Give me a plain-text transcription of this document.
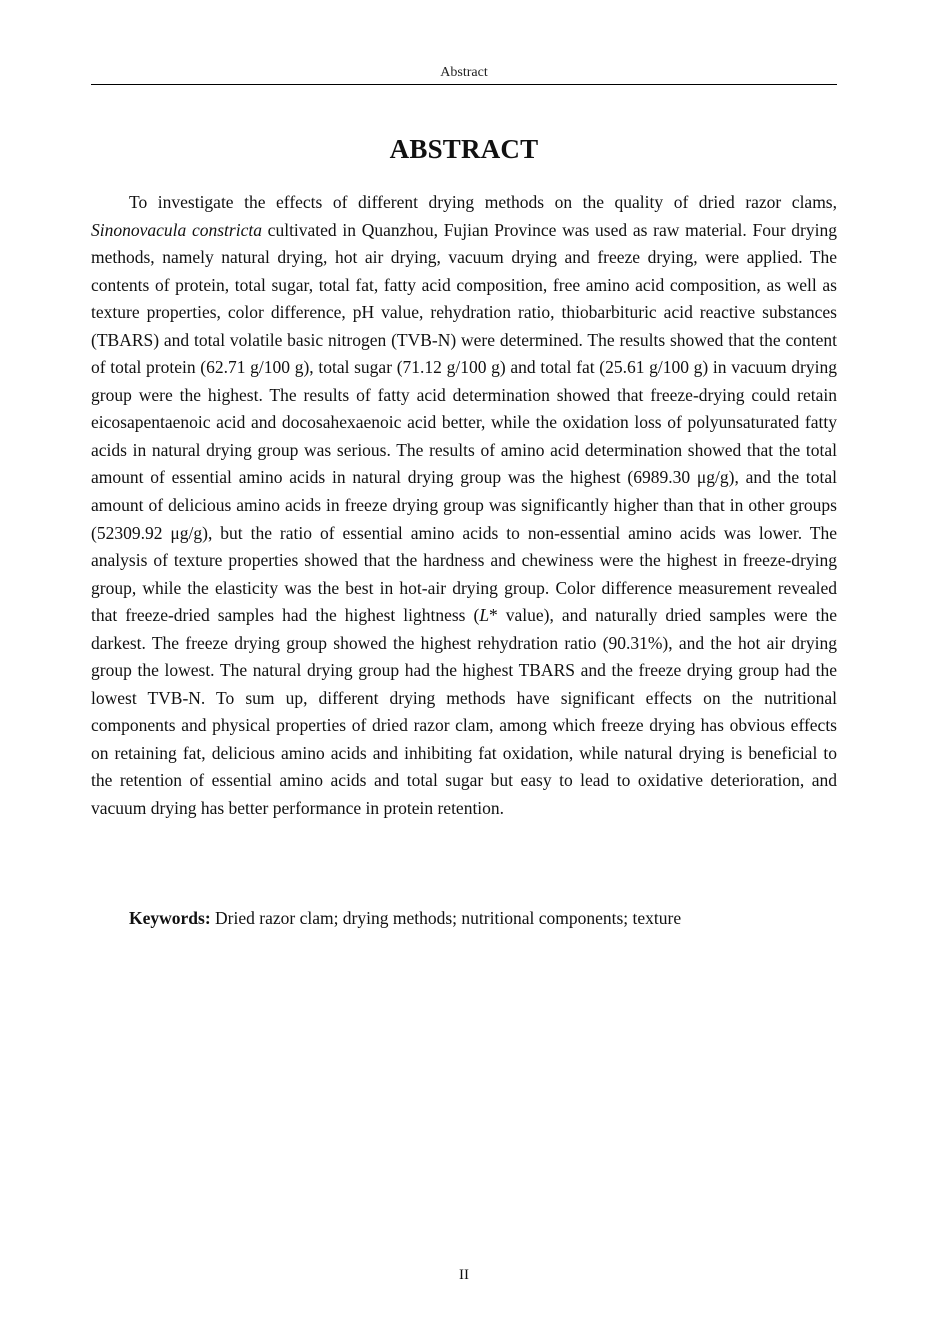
Abstract
ABSTRACT

To investigate the effects of different drying methods on the quality of dried razor clams, Sinonovacula constricta cultivated in Quanzhou, Fujian Province was used as raw material. Four drying methods, namely natural drying, hot air drying, vacuum drying and freeze drying, were applied. The contents of protein, total sugar, total fat, fatty acid composition, free amino acid composition, as well as texture properties, color difference, pH value, rehydration ratio, thiobarbituric acid reactive substances (TBARS) and total volatile basic nitrogen (TVB-N) were determined. The results showed that the content of total protein (62.71 g/100 g), total sugar (71.12 g/100 g) and total fat (25.61 g/100 g) in vacuum drying group were the highest. The results of fatty acid determination showed that freeze-drying could retain eicosapentaenoic acid and docosahexaenoic acid better, while the oxidation loss of polyunsaturated fatty acids in natural drying group was serious. The results of amino acid determination showed that the total amount of essential amino acids in natural drying group was the highest (6989.30 μg/g), and the total amount of delicious amino acids in freeze drying group was significantly higher than that in other groups (52309.92 μg/g), but the ratio of essential amino acids to non-essential amino acids was lower. The analysis of texture properties showed that the hardness and chewiness were the highest in freeze-drying group, while the elasticity was the best in hot-air drying group. Color difference measurement revealed that freeze-dried samples had the highest lightness (L* value), and naturally dried samples were the darkest. The freeze drying group showed the highest rehydration ratio (90.31%), and the hot air drying group the lowest. The natural drying group had the highest TBARS and the freeze drying group had the lowest TVB-N. To sum up, different drying methods have significant effects on the nutritional components and physical properties of dried razor clam, among which freeze drying has obvious effects on retaining fat, delicious amino acids and inhibiting fat oxidation, while natural drying is beneficial to the retention of essential amino acids and total sugar but easy to lead to oxidative deterioration, and vacuum drying has better performance in protein retention.

Keywords: Dried razor clam; drying methods; nutritional components; texture

II
